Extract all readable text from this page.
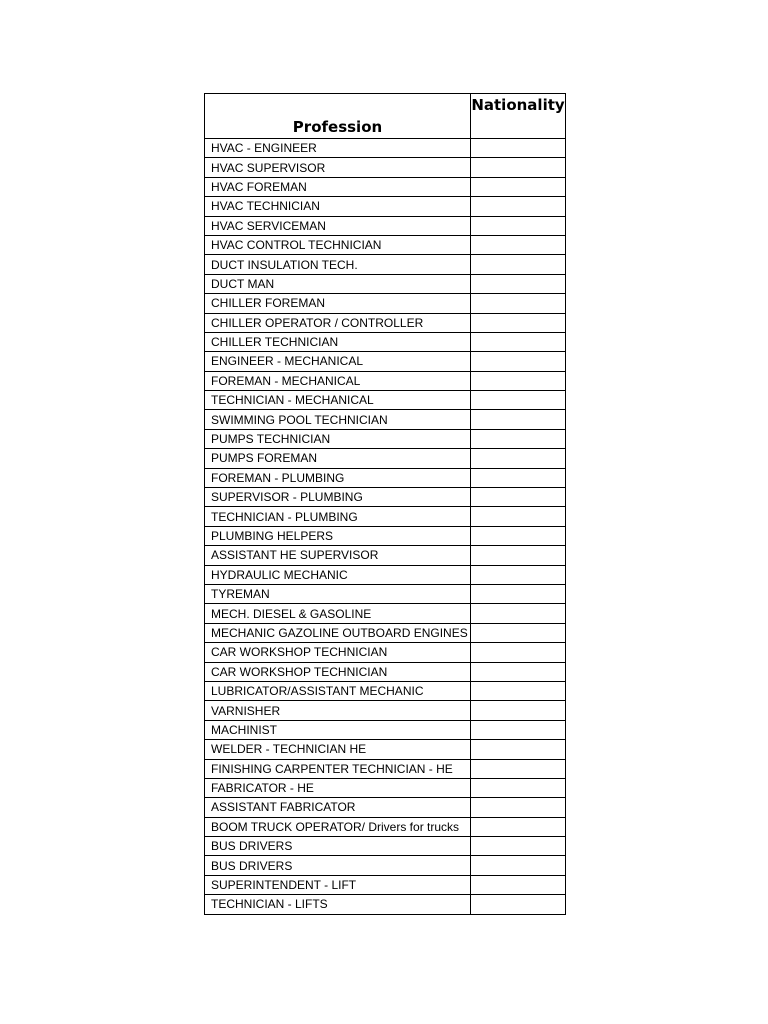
Profession	Nationality
HVAC - ENGINEER	
HVAC SUPERVISOR	
HVAC FOREMAN	
HVAC TECHNICIAN	
HVAC SERVICEMAN	
HVAC CONTROL TECHNICIAN	
DUCT INSULATION TECH.	
DUCT MAN	
CHILLER FOREMAN	
CHILLER OPERATOR / CONTROLLER	
CHILLER TECHNICIAN	
ENGINEER - MECHANICAL	
FOREMAN - MECHANICAL	
TECHNICIAN - MECHANICAL	
SWIMMING POOL TECHNICIAN	
PUMPS TECHNICIAN	
PUMPS FOREMAN	
FOREMAN - PLUMBING	
SUPERVISOR - PLUMBING	
TECHNICIAN - PLUMBING	
PLUMBING HELPERS	
ASSISTANT HE SUPERVISOR	
HYDRAULIC MECHANIC	
TYREMAN	
MECH. DIESEL & GASOLINE	
MECHANIC GAZOLINE OUTBOARD ENGINES	
CAR WORKSHOP TECHNICIAN	
CAR WORKSHOP TECHNICIAN	
LUBRICATOR/ASSISTANT MECHANIC	
VARNISHER	
MACHINIST	
WELDER - TECHNICIAN HE	
FINISHING CARPENTER TECHNICIAN - HE	
FABRICATOR - HE	
ASSISTANT FABRICATOR	
BOOM TRUCK OPERATOR/ Drivers for trucks	
BUS DRIVERS	
BUS DRIVERS	
SUPERINTENDENT - LIFT	
TECHNICIAN - LIFTS	
